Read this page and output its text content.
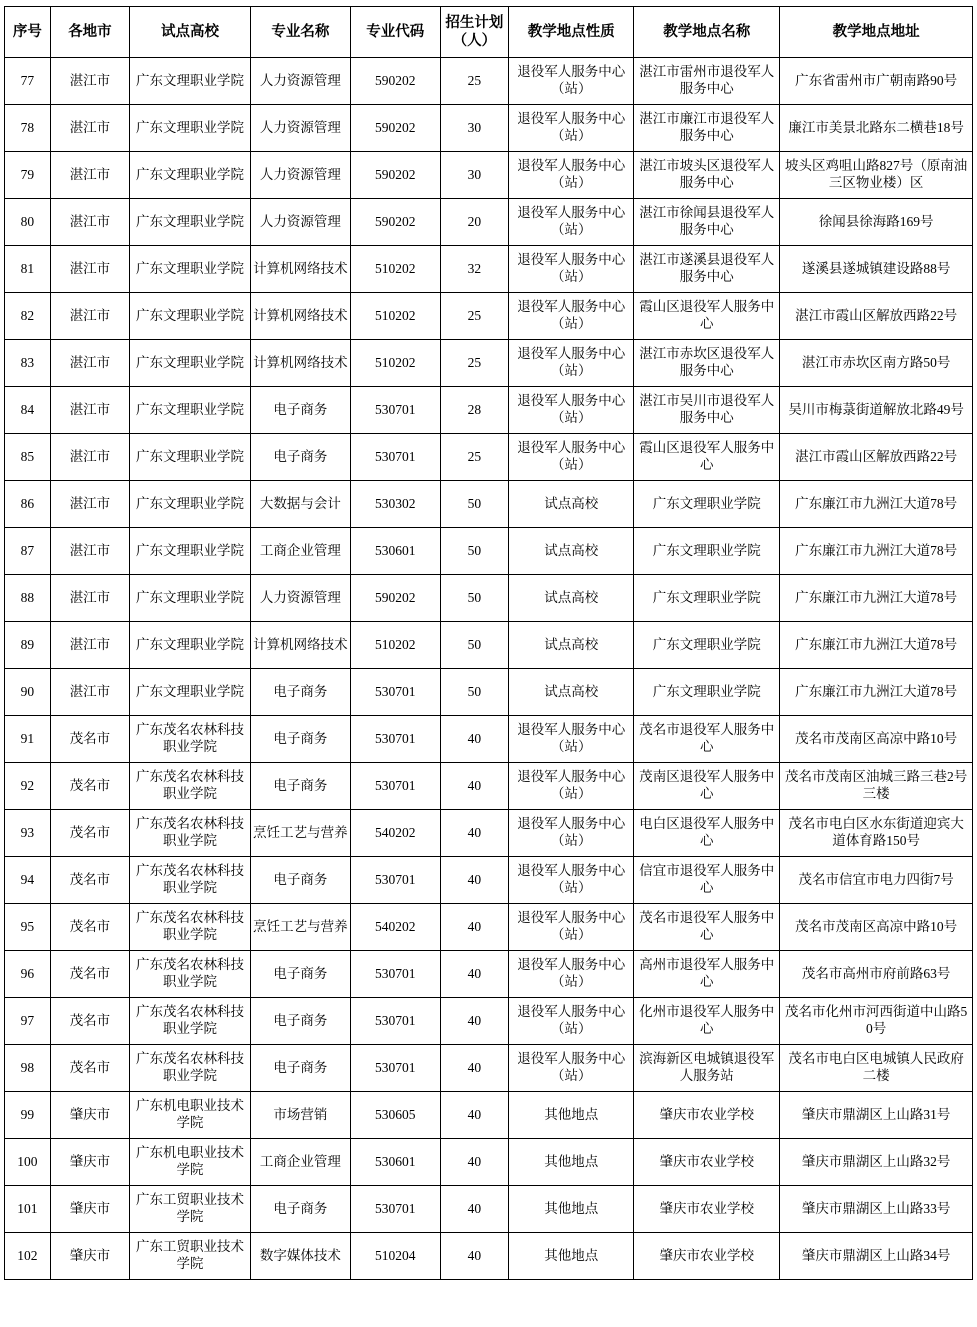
序号	各地市	试点高校	专业名称	专业代码	招生计划（人）	教学地点性质	教学地点名称	教学地点地址
77	湛江市	广东文理职业学院	人力资源管理	590202	25	退役军人服务中心（站）	湛江市雷州市退役军人服务中心	广东省雷州市广朝南路90号
78	湛江市	广东文理职业学院	人力资源管理	590202	30	退役军人服务中心（站）	湛江市廉江市退役军人服务中心	廉江市美景北路东二横巷18号
79	湛江市	广东文理职业学院	人力资源管理	590202	30	退役军人服务中心（站）	湛江市坡头区退役军人服务中心	坡头区鸡咀山路827号（原南油三区物业楼）区
80	湛江市	广东文理职业学院	人力资源管理	590202	20	退役军人服务中心（站）	湛江市徐闻县退役军人服务中心	徐闻县徐海路169号
81	湛江市	广东文理职业学院	计算机网络技术	510202	32	退役军人服务中心（站）	湛江市遂溪县退役军人服务中心	遂溪县遂城镇建设路88号
82	湛江市	广东文理职业学院	计算机网络技术	510202	25	退役军人服务中心（站）	霞山区退役军人服务中心	湛江市霞山区解放西路22号
83	湛江市	广东文理职业学院	计算机网络技术	510202	25	退役军人服务中心（站）	湛江市赤坎区退役军人服务中心	湛江市赤坎区南方路50号
84	湛江市	广东文理职业学院	电子商务	530701	28	退役军人服务中心（站）	湛江市吴川市退役军人服务中心	吴川市梅菉街道解放北路49号
85	湛江市	广东文理职业学院	电子商务	530701	25	退役军人服务中心（站）	霞山区退役军人服务中心	湛江市霞山区解放西路22号
86	湛江市	广东文理职业学院	大数据与会计	530302	50	试点高校	广东文理职业学院	广东廉江市九洲江大道78号
87	湛江市	广东文理职业学院	工商企业管理	530601	50	试点高校	广东文理职业学院	广东廉江市九洲江大道78号
88	湛江市	广东文理职业学院	人力资源管理	590202	50	试点高校	广东文理职业学院	广东廉江市九洲江大道78号
89	湛江市	广东文理职业学院	计算机网络技术	510202	50	试点高校	广东文理职业学院	广东廉江市九洲江大道78号
90	湛江市	广东文理职业学院	电子商务	530701	50	试点高校	广东文理职业学院	广东廉江市九洲江大道78号
91	茂名市	广东茂名农林科技职业学院	电子商务	530701	40	退役军人服务中心（站）	茂名市退役军人服务中心	茂名市茂南区高凉中路10号
92	茂名市	广东茂名农林科技职业学院	电子商务	530701	40	退役军人服务中心（站）	茂南区退役军人服务中心	茂名市茂南区油城三路三巷2号三楼
93	茂名市	广东茂名农林科技职业学院	烹饪工艺与营养	540202	40	退役军人服务中心（站）	电白区退役军人服务中心	茂名市电白区水东街道迎宾大道体育路150号
94	茂名市	广东茂名农林科技职业学院	电子商务	530701	40	退役军人服务中心（站）	信宜市退役军人服务中心	茂名市信宜市电力四街7号
95	茂名市	广东茂名农林科技职业学院	烹饪工艺与营养	540202	40	退役军人服务中心（站）	茂名市退役军人服务中心	茂名市茂南区高凉中路10号
96	茂名市	广东茂名农林科技职业学院	电子商务	530701	40	退役军人服务中心（站）	高州市退役军人服务中心	茂名市高州市府前路63号
97	茂名市	广东茂名农林科技职业学院	电子商务	530701	40	退役军人服务中心（站）	化州市退役军人服务中心	茂名市化州市河西街道中山路50号
98	茂名市	广东茂名农林科技职业学院	电子商务	530701	40	退役军人服务中心（站）	滨海新区电城镇退役军人服务站	茂名市电白区电城镇人民政府二楼
99	肇庆市	广东机电职业技术学院	市场营销	530605	40	其他地点	肇庆市农业学校	肇庆市鼎湖区上山路31号
100	肇庆市	广东机电职业技术学院	工商企业管理	530601	40	其他地点	肇庆市农业学校	肇庆市鼎湖区上山路32号
101	肇庆市	广东工贸职业技术学院	电子商务	530701	40	其他地点	肇庆市农业学校	肇庆市鼎湖区上山路33号
102	肇庆市	广东工贸职业技术学院	数字媒体技术	510204	40	其他地点	肇庆市农业学校	肇庆市鼎湖区上山路34号
